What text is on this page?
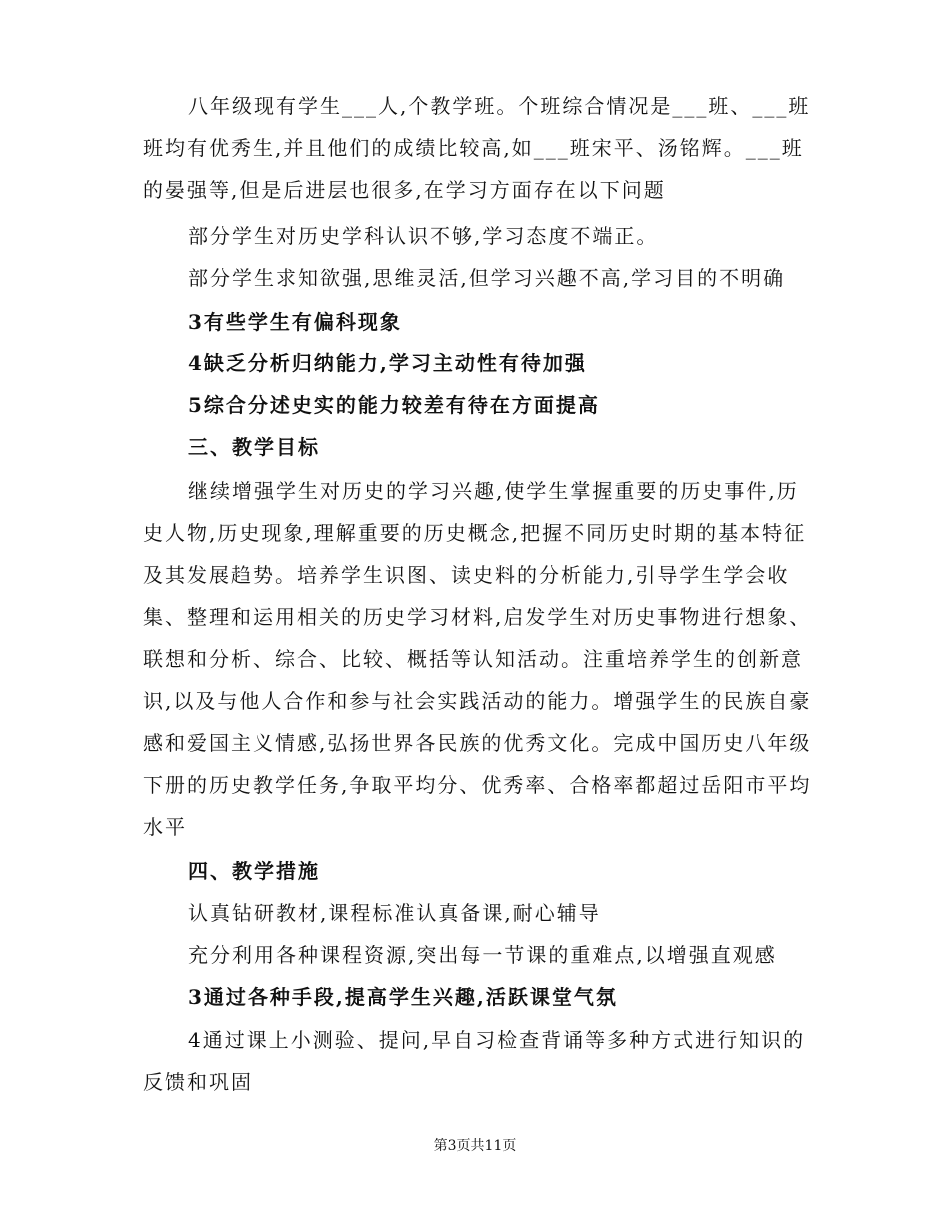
八年级现有学生___人,个教学班。个班综合情况是___班、___班
班均有优秀生,并且他们的成绩比较高,如___班宋平、汤铭辉。___班
的晏强等,但是后进层也很多,在学习方面存在以下问题
部分学生对历史学科认识不够,学习态度不端正。
部分学生求知欲强,思维灵活,但学习兴趣不高,学习目的不明确
3有些学生有偏科现象
4缺乏分析归纳能力,学习主动性有待加强
5综合分述史实的能力较差有待在方面提高
三、教学目标
继续增强学生对历史的学习兴趣,使学生掌握重要的历史事件,历
史人物,历史现象,理解重要的历史概念,把握不同历史时期的基本特征
及其发展趋势。培养学生识图、读史料的分析能力,引导学生学会收
集、整理和运用相关的历史学习材料,启发学生对历史事物进行想象、
联想和分析、综合、比较、概括等认知活动。注重培养学生的创新意
识,以及与他人合作和参与社会实践活动的能力。增强学生的民族自豪
感和爱国主义情感,弘扬世界各民族的优秀文化。完成中国历史八年级
下册的历史教学任务,争取平均分、优秀率、合格率都超过岳阳市平均
水平
四、教学措施
认真钻研教材,课程标准认真备课,耐心辅导
充分利用各种课程资源,突出每一节课的重难点,以增强直观感
3通过各种手段,提高学生兴趣,活跃课堂气氛
4通过课上小测验、提问,早自习检查背诵等多种方式进行知识的
反馈和巩固
第3页共11页
